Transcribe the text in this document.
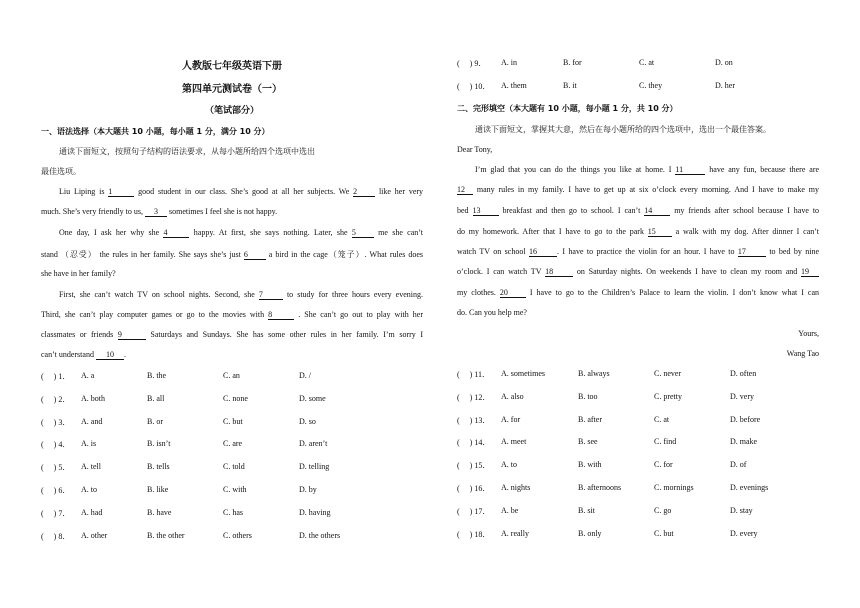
人教版七年级英语下册
第四单元测试卷（一）
（笔试部分）
一、语法选择（本大题共 10 小题，每小题 1 分，满分 10 分）
通读下面短文，按照句子结构的语法要求，从每小题所给四个选项中选出
最佳选项。
Liu Liping is 1	good student in our class. She’s good at all her subjects. We 2	like her very
much. She’s very friendly to us, 3 sometimes I feel she is not happy.
One day, I ask her why she 4	happy. At first, she says nothing. Later, she 5	me she can’t
stand （忍受） the rules in her family. She says she’s just 6	a bird in the cage（笼子）. What rules does
she have in her family?
First, she can’t watch TV on school nights. Second, she 7	to study for three hours every evening.
Third, she can’t play computer games or go to the movies with 8	. She can’t go out to play with her
classmates or friends 9	Saturdays and Sundays. She has some other rules in her family. I’m sorry I
can’t understand 10 .
(     ) 1． A. a	B. the	C. an	D. /
(     ) 2． A. both	B. all	C. none	D. some
(     ) 3． A. and	B. or	C. but	D. so
(     ) 4． A. is	B. isn’t	C. are	D. aren’t
(     ) 5． A. tell	B. tells	C. told	D. telling
(     ) 6． A. to	B. like	C. with	D. by
(     ) 7． A. had	B. have	C. has	D. having
(     ) 8． A. other	B. the other	C. others	D. the others
(     ) 9． A. in	B. for	C. at	D. on
(     ) 10． A. them	B. it	C. they	D. her
二、完形填空（本大题有 10 小题，每小题 1 分，共 10 分）
通读下面短文，掌握其大意，然后在每小题所给的四个选项中，选出一个最佳答案。
Dear Tony,
I’m glad that you can do the things you like at home. I 11	have any fun, because there are
12 many rules in my family. I have to get up at six o’clock every morning. And I have to make my
bed 13	breakfast and then go to school. I can’t 14	my friends after school because I have to
do my homework. After that I have to go to the park 15 a walk with my dog. After dinner I can’t
watch TV on school 16	. I have to practice the violin for an hour. I have to 17	to bed by nine
o’clock. I can watch TV 18	on Saturday nights. On weekends I have to clean my room and 19
my clothes. 20	I have to go to the Children’s Palace to learn the violin. I don’t know what I can
do. Can you help me?
Yours,
Wang Tao
(     ) 11． A. sometimes	B. always	C. never	D. often
(     ) 12． A. also	B. too	C. pretty	D. very
(     ) 13． A. for	B. after	C. at	D. before
(     ) 14． A. meet	B. see	C. find	D. make
(     ) 15． A. to	B. with	C. for	D. of
(     ) 16． A. nights	B. afternoons	C. mornings	D. evenings
(     ) 17． A. be	B. sit	C. go	D. stay
(     ) 18． A. really	B. only	C. but	D. every
